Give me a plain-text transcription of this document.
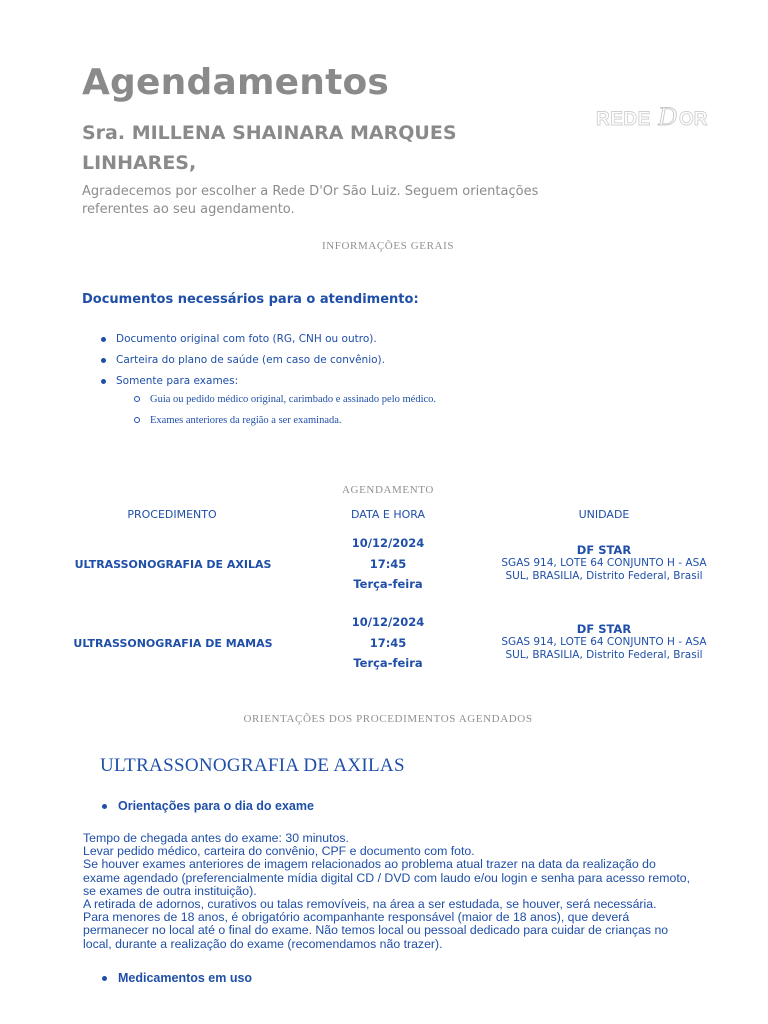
Agendamentos
Sra. MILLENA SHAINARA MARQUES LINHARES,
REDE D OR
Agradecemos por escolher a Rede D'Or São Luiz. Seguem orientações referentes ao seu agendamento.
INFORMAÇÕES GERAIS
Documentos necessários para o atendimento:
Documento original com foto (RG, CNH ou outro).
Carteira do plano de saúde (em caso de convênio).
Somente para exames:
Guia ou pedido médico original, carimbado e assinado pelo médico.
Exames anteriores da região a ser examinada.
AGENDAMENTO
PROCEDIMENTO	DATA E HORA	UNIDADE
ULTRASSONOGRAFIA DE AXILAS
10/12/2024
17:45
Terça-feira
DF STAR
SGAS 914, LOTE 64 CONJUNTO H - ASA SUL, BRASILIA, Distrito Federal, Brasil
ULTRASSONOGRAFIA DE MAMAS
10/12/2024
17:45
Terça-feira
DF STAR
SGAS 914, LOTE 64 CONJUNTO H - ASA SUL, BRASILIA, Distrito Federal, Brasil
ORIENTAÇÕES DOS PROCEDIMENTOS AGENDADOS
ULTRASSONOGRAFIA DE AXILAS
Orientações para o dia do exame
Tempo de chegada antes do exame: 30 minutos.
Levar pedido médico, carteira do convênio, CPF e documento com foto.
Se houver exames anteriores de imagem relacionados ao problema atual trazer na data da realização do exame agendado (preferencialmente mídia digital CD / DVD com laudo e/ou login e senha para acesso remoto, se exames de outra instituição).
A retirada de adornos, curativos ou talas removíveis, na área a ser estudada, se houver, será necessária.
Para menores de 18 anos, é obrigatório acompanhante responsável (maior de 18 anos), que deverá permanecer no local até o final do exame. Não temos local ou pessoal dedicado para cuidar de crianças no local, durante a realização do exame (recomendamos não trazer).
Medicamentos em uso
